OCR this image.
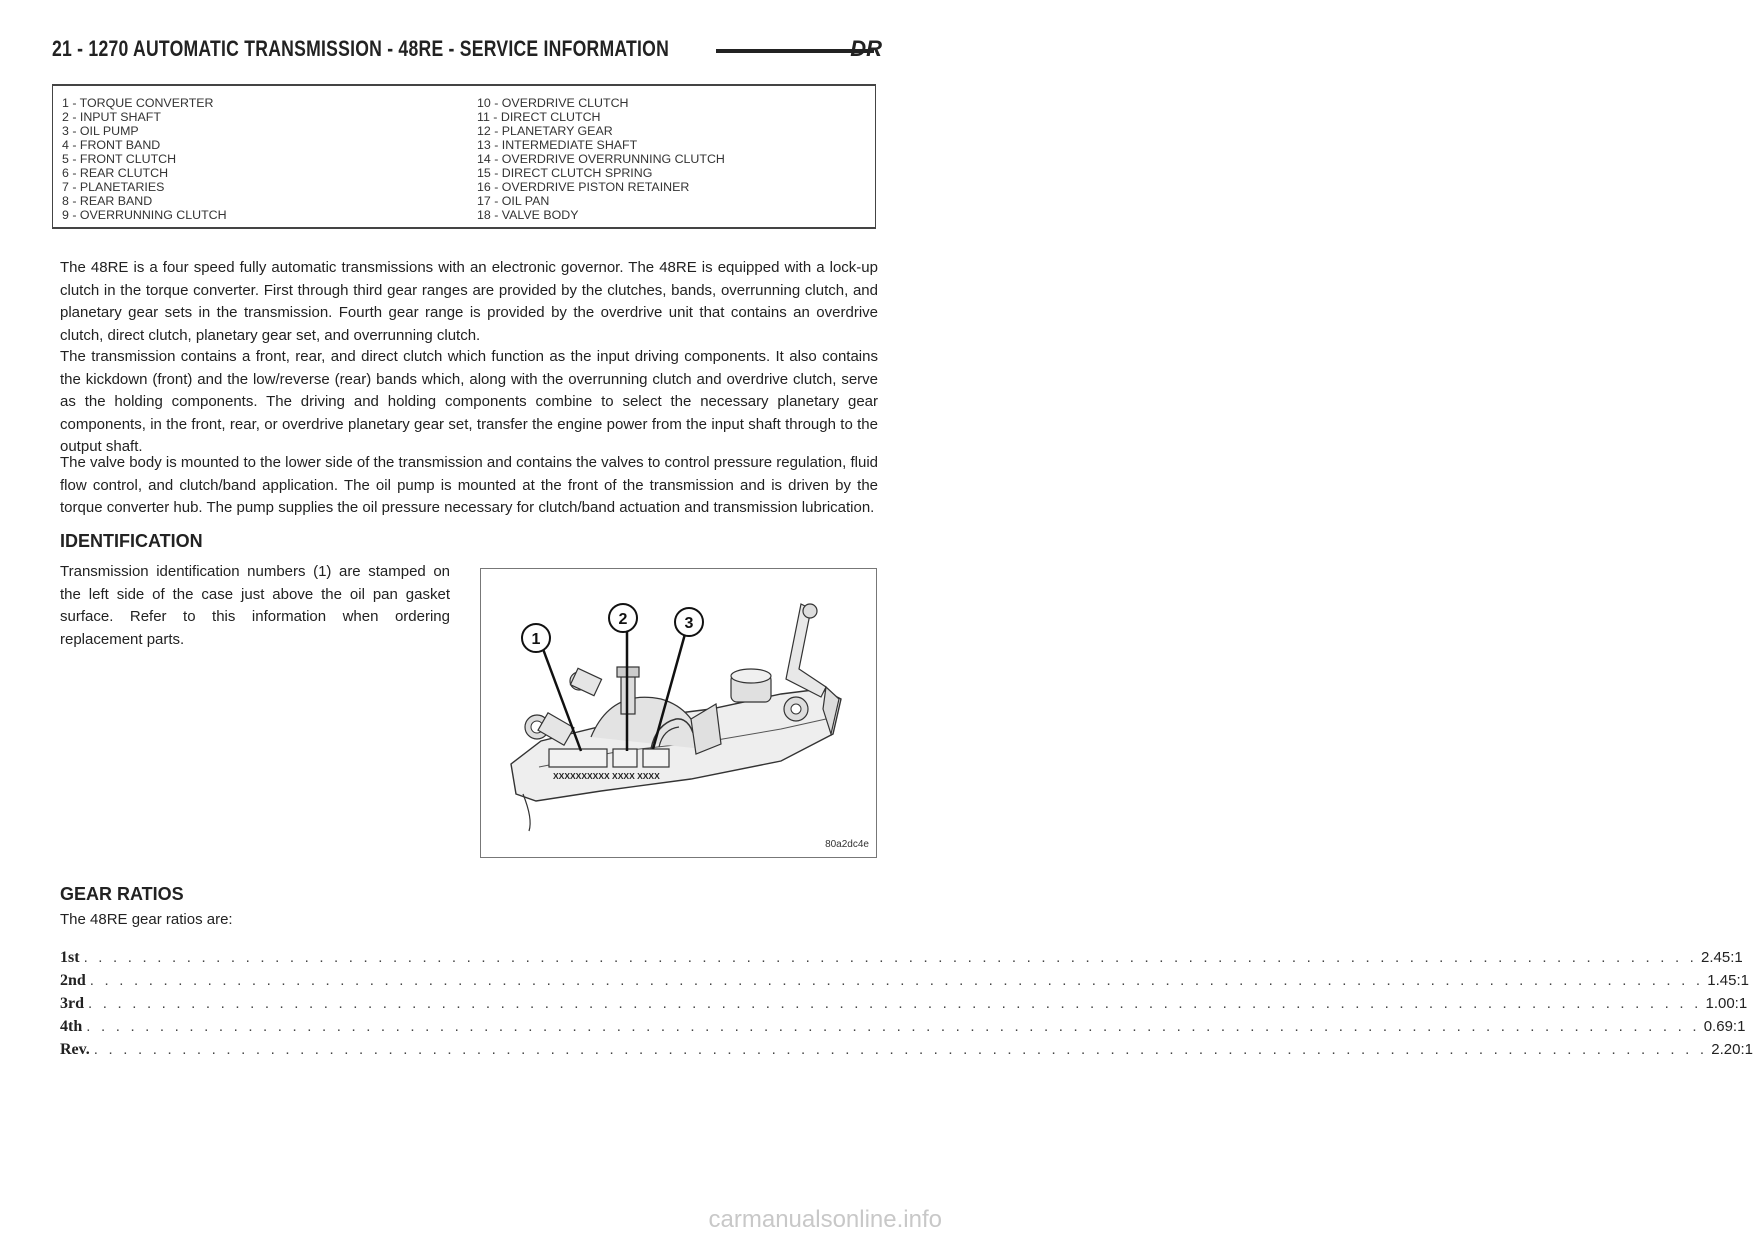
21 - 1270 AUTOMATIC TRANSMISSION - 48RE - SERVICE INFORMATION	DR
1 - TORQUE CONVERTER
2 - INPUT SHAFT
3 - OIL PUMP
4 - FRONT BAND
5 - FRONT CLUTCH
6 - REAR CLUTCH
7 - PLANETARIES
8 - REAR BAND
9 - OVERRUNNING CLUTCH
10 - OVERDRIVE CLUTCH
11 - DIRECT CLUTCH
12 - PLANETARY GEAR
13 - INTERMEDIATE SHAFT
14 - OVERDRIVE OVERRUNNING CLUTCH
15 - DIRECT CLUTCH SPRING
16 - OVERDRIVE PISTON RETAINER
17 - OIL PAN
18 - VALVE BODY

The 48RE is a four speed fully automatic transmissions with an electronic governor. The 48RE is equipped with a lock-up clutch in the torque converter. First through third gear ranges are provided by the clutches, bands, overrunning clutch, and planetary gear sets in the transmission. Fourth gear range is provided by the overdrive unit that contains an overdrive clutch, direct clutch, planetary gear set, and overrunning clutch.

The transmission contains a front, rear, and direct clutch which function as the input driving components. It also contains the kickdown (front) and the low/reverse (rear) bands which, along with the overrunning clutch and overdrive clutch, serve as the holding components. The driving and holding components combine to select the necessary planetary gear components, in the front, rear, or overdrive planetary gear set, transfer the engine power from the input shaft through to the output shaft.

The valve body is mounted to the lower side of the transmission and contains the valves to control pressure regulation, fluid flow control, and clutch/band application. The oil pump is mounted at the front of the transmission and is driven by the torque converter hub. The pump supplies the oil pressure necessary for clutch/band actuation and transmission lubrication.

IDENTIFICATION

Transmission identification numbers (1) are stamped on the left side of the case just above the oil pan gasket surface. Refer to this information when ordering replacement parts.

XXXXXXXXXX XXXX XXXX
1
2	3
80a2dc4e
GEAR RATIOS

The 48RE gear ratios are:

1st . . . . . . . . . . . . . . . . . . . . . . . . . . . . . . . . . . . . . . . . . . . . . . . . . . . . . . . . . . . . . . . . . . . . . . . . . . . . . . . . . . . . . . . . . . . . . . . . . . . . . . . . . . . . . . 2.45:1
2nd . . . . . . . . . . . . . . . . . . . . . . . . . . . . . . . . . . . . . . . . . . . . . . . . . . . . . . . . . . . . . . . . . . . . . . . . . . . . . . . . . . . . . . . . . . . . . . . . . . . . . . . . . . . . . . 1.45:1
3rd . . . . . . . . . . . . . . . . . . . . . . . . . . . . . . . . . . . . . . . . . . . . . . . . . . . . . . . . . . . . . . . . . . . . . . . . . . . . . . . . . . . . . . . . . . . . . . . . . . . . . . . . . . . . . . 1.00:1
4th . . . . . . . . . . . . . . . . . . . . . . . . . . . . . . . . . . . . . . . . . . . . . . . . . . . . . . . . . . . . . . . . . . . . . . . . . . . . . . . . . . . . . . . . . . . . . . . . . . . . . . . . . . . . . . 0.69:1
Rev. . . . . . . . . . . . . . . . . . . . . . . . . . . . . . . . . . . . . . . . . . . . . . . . . . . . . . . . . . . . . . . . . . . . . . . . . . . . . . . . . . . . . . . . . . . . . . . . . . . . . . . . . . . . . . . 2.20:1
carmanualsonline.info
